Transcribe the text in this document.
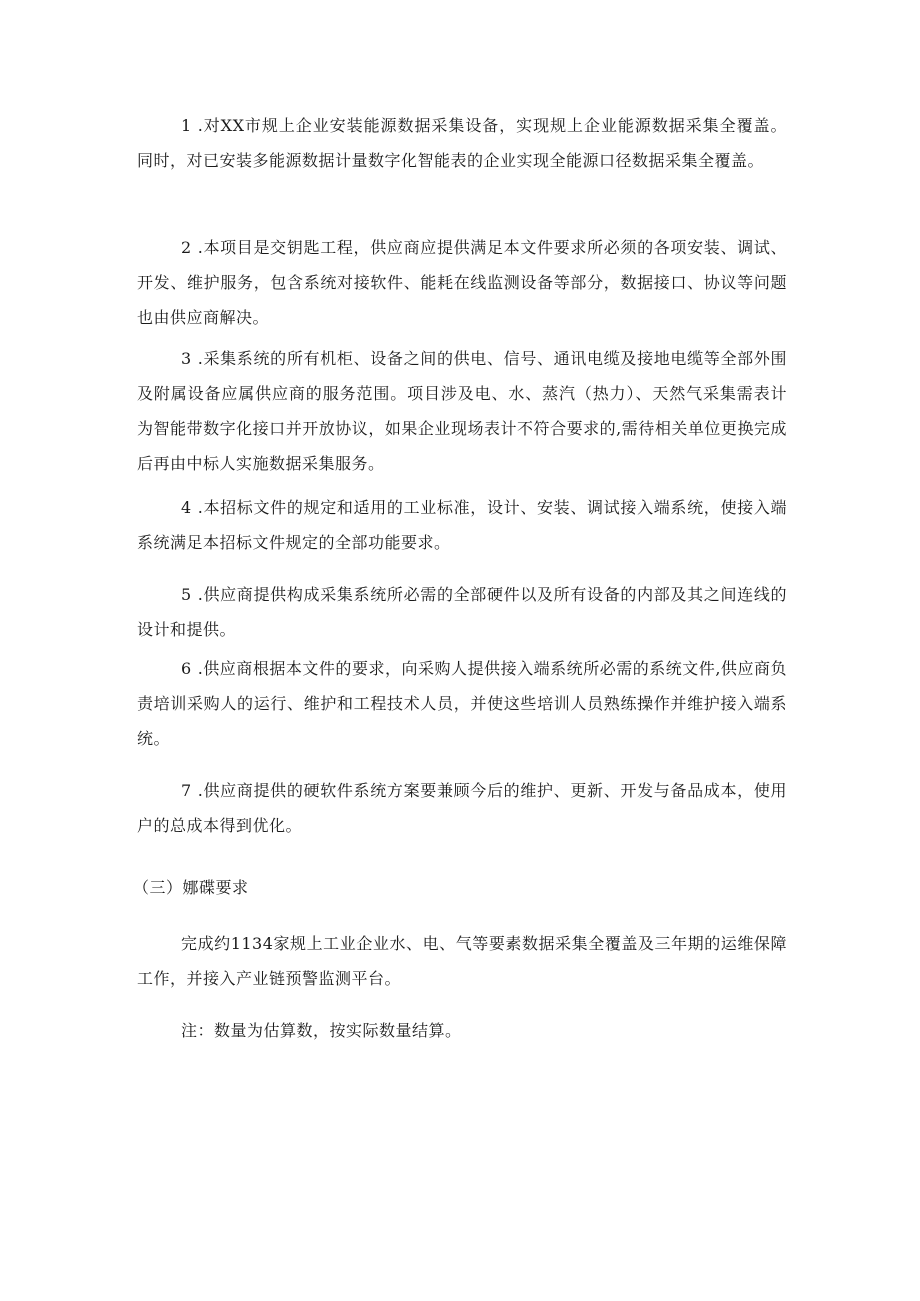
1 .对XX市规上企业安装能源数据采集设备，实现规上企业能源数据采集全覆盖。同时，对已安装多能源数据计量数字化智能表的企业实现全能源口径数据采集全覆盖。

2 .本项目是交钥匙工程，供应商应提供满足本文件要求所必须的各项安装、调试、开发、维护服务，包含系统对接软件、能耗在线监测设备等部分，数据接口、协议等问题也由供应商解决。

3 .采集系统的所有机柜、设备之间的供电、信号、通讯电缆及接地电缆等全部外围及附属设备应属供应商的服务范围。项目涉及电、水、蒸汽（热力）、天然气采集需表计为智能带数字化接口并开放协议，如果企业现场表计不符合要求的,需待相关单位更换完成后再由中标人实施数据采集服务。

4 .本招标文件的规定和适用的工业标准，设计、安装、调试接入端系统，使接入端系统满足本招标文件规定的全部功能要求。

5 .供应商提供构成采集系统所必需的全部硬件以及所有设备的内部及其之间连线的设计和提供。

6 .供应商根据本文件的要求，向采购人提供接入端系统所必需的系统文件,供应商负责培训采购人的运行、维护和工程技术人员，并使这些培训人员熟练操作并维护接入端系统。

7 .供应商提供的硬软件系统方案要兼顾今后的维护、更新、开发与备品成本，使用户的总成本得到优化。

（三）娜碟要求

完成约1134家规上工业企业水、电、气等要素数据采集全覆盖及三年期的运维保障工作，并接入产业链预警监测平台。

注：数量为估算数，按实际数量结算。
